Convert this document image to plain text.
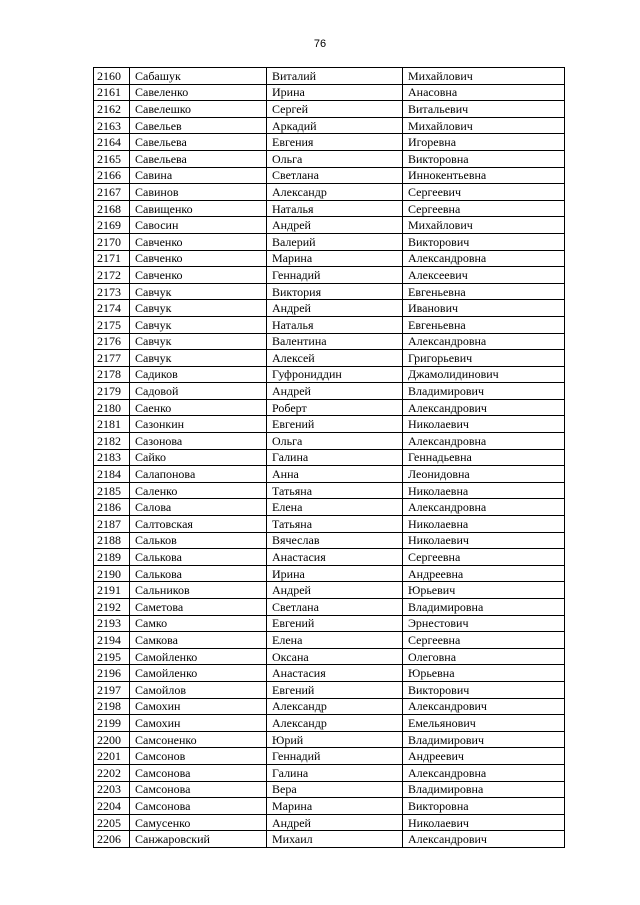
76
2160	Сабашук	Виталий	Михайлович
2161	Савеленко	Ирина	Анасовна
2162	Савелешко	Сергей	Витальевич
2163	Савельев	Аркадий	Михайлович
2164	Савельева	Евгения	Игоревна
2165	Савельева	Ольга	Викторовна
2166	Савина	Светлана	Иннокентьевна
2167	Савинов	Александр	Сергеевич
2168	Савищенко	Наталья	Сергеевна
2169	Савосин	Андрей	Михайлович
2170	Савченко	Валерий	Викторович
2171	Савченко	Марина	Александровна
2172	Савченко	Геннадий	Алексеевич
2173	Савчук	Виктория	Евгеньевна
2174	Савчук	Андрей	Иванович
2175	Савчук	Наталья	Евгеньевна
2176	Савчук	Валентина	Александровна
2177	Савчук	Алексей	Григорьевич
2178	Садиков	Гуфрониддин	Джамолидинович
2179	Садовой	Андрей	Владимирович
2180	Саенко	Роберт	Александрович
2181	Сазонкин	Евгений	Николаевич
2182	Сазонова	Ольга	Александровна
2183	Сайко	Галина	Геннадьевна
2184	Салапонова	Анна	Леонидовна
2185	Саленко	Татьяна	Николаевна
2186	Салова	Елена	Александровна
2187	Салтовская	Татьяна	Николаевна
2188	Сальков	Вячеслав	Николаевич
2189	Салькова	Анастасия	Сергеевна
2190	Салькова	Ирина	Андреевна
2191	Сальников	Андрей	Юрьевич
2192	Саметова	Светлана	Владимировна
2193	Самко	Евгений	Эрнестович
2194	Самкова	Елена	Сергеевна
2195	Самойленко	Оксана	Олеговна
2196	Самойленко	Анастасия	Юрьевна
2197	Самойлов	Евгений	Викторович
2198	Самохин	Александр	Александрович
2199	Самохин	Александр	Емельянович
2200	Самсоненко	Юрий	Владимирович
2201	Самсонов	Геннадий	Андреевич
2202	Самсонова	Галина	Александровна
2203	Самсонова	Вера	Владимировна
2204	Самсонова	Марина	Викторовна
2205	Самусенко	Андрей	Николаевич
2206	Санжаровский	Михаил	Александрович
